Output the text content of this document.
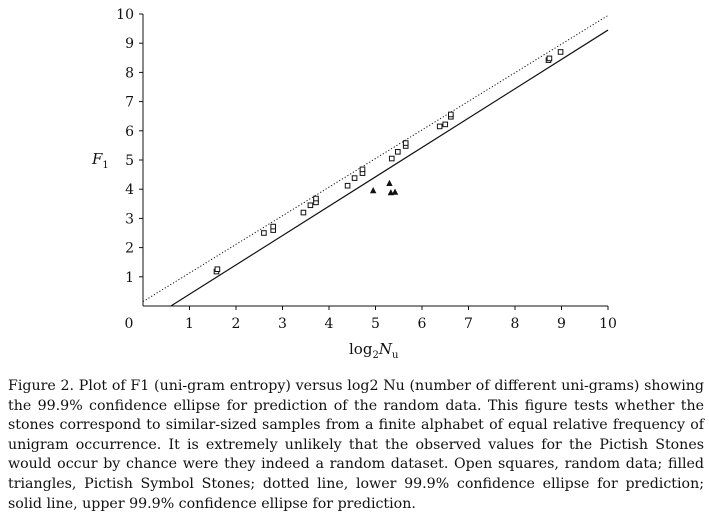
0	1	2	3	4	5	6	7	8	9 10
1
2
3
4
5
6
7
8
9
10
$F_1$
$\log_2N_u$

Figure 2. Plot of F1 (uni-gram entropy) versus log2 Nu (number of different uni-grams) showing the 99.9% confidence ellipse for prediction of the random data. This figure tests whether the stones correspond to similar-sized samples from a finite alphabet of equal relative frequency of unigram occurrence. It is extremely unlikely that the observed values for the Pictish Stones would occur by chance were they indeed a random dataset. Open squares, random data; filled triangles, Pictish Symbol Stones; dotted line, lower 99.9% confidence ellipse for prediction; solid line, upper 99.9% confidence ellipse for prediction.
